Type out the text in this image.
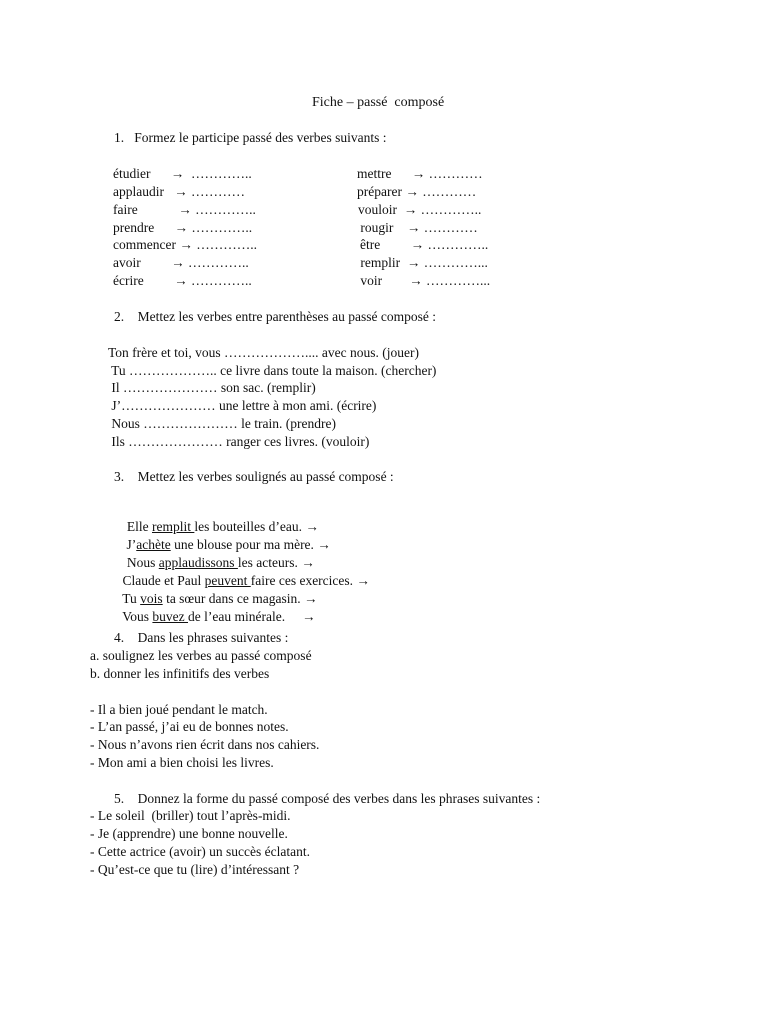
Fiche – passé  composé
1.   Formez le participe passé des verbes suivants :
étudier      →  …………..
applaudir   → …………
faire            → …………..
prendre      → …………..
commencer → …………..
avoir         → …………..
écrire         → …………..
mettre      → …………
préparer → …………
vouloir  → …………..
rougir    → …………
être         → …………..
remplir  → …………...
voir        → …………...
2.    Mettez les verbes entre parenthèses au passé composé :
Ton frère et toi, vous ……………….... avec nous. (jouer)
Tu ……………….. ce livre dans toute la maison. (chercher)
Il ………………… son sac. (remplir)
J’………………… une lettre à mon ami. (écrire)
Nous ………………… le train. (prendre)
Ils ………………… ranger ces livres. (vouloir)
3.    Mettez les verbes soulignés au passé composé :

Elle remplit les bouteilles d’eau. →

J’achète une blouse pour ma mère. →

Nous applaudissons les acteurs. →

Claude et Paul peuvent faire ces exercices. →

Tu vois ta sœur dans ce magasin. →

Vous buvez de l’eau minérale.     →

4.    Dans les phrases suivantes :
a. soulignez les verbes au passé composé
b. donner les infinitifs des verbes
- Il a bien joué pendant le match.
- L’an passé, j’ai eu de bonnes notes.
- Nous n’avons rien écrit dans nos cahiers.
- Mon ami a bien choisi les livres.
5.    Donnez la forme du passé composé des verbes dans les phrases suivantes :
- Le soleil  (briller) tout l’après-midi.
- Je (apprendre) une bonne nouvelle.
- Cette actrice (avoir) un succès éclatant.
- Qu’est-ce que tu (lire) d’intéressant ?
